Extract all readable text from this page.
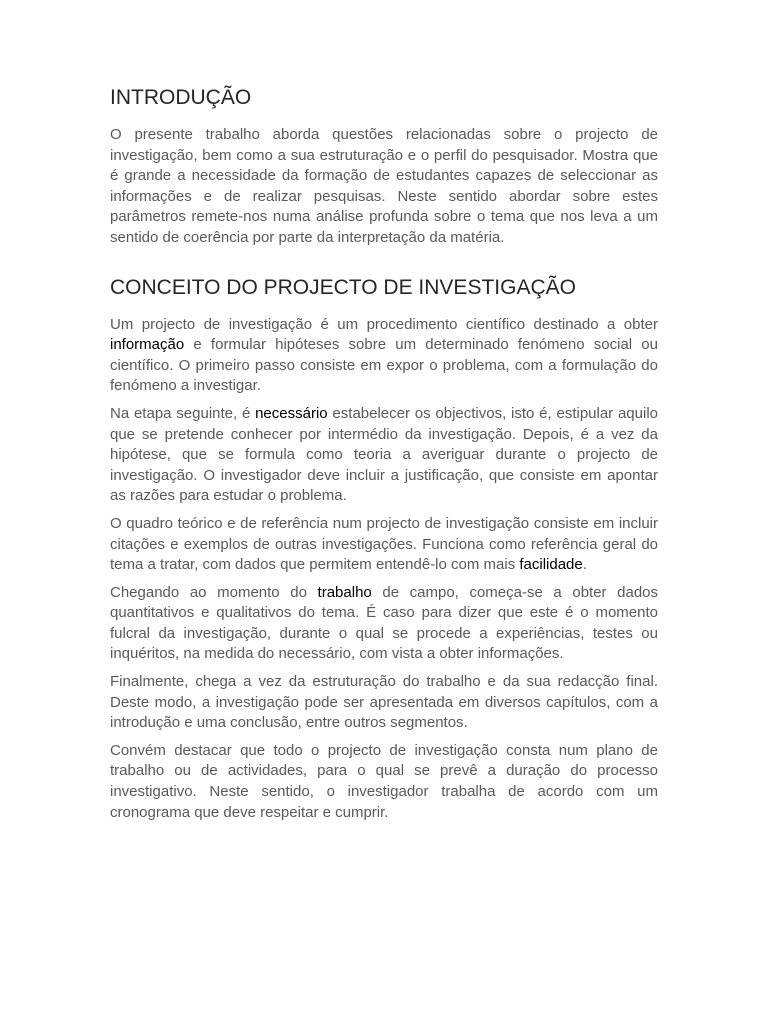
INTRODUÇÃO

O presente trabalho aborda questões relacionadas sobre o projecto de investigação, bem como a sua estruturação e o perfil do pesquisador. Mostra que é grande a necessidade da formação de estudantes capazes de seleccionar as informações e de realizar pesquisas. Neste sentido abordar sobre estes parâmetros remete-nos numa análise profunda sobre o tema que nos leva a um sentido de coerência por parte da interpretação da matéria.

CONCEITO DO PROJECTO DE INVESTIGAÇÃO

Um projecto de investigação é um procedimento científico destinado a obter informação e formular hipóteses sobre um determinado fenómeno social ou científico. O primeiro passo consiste em expor o problema, com a formulação do fenómeno a investigar.

Na etapa seguinte, é necessário estabelecer os objectivos, isto é, estipular aquilo que se pretende conhecer por intermédio da investigação. Depois, é a vez da hipótese, que se formula como teoria a averiguar durante o projecto de investigação. O investigador deve incluir a justificação, que consiste em apontar as razões para estudar o problema.

O quadro teórico e de referência num projecto de investigação consiste em incluir citações e exemplos de outras investigações. Funciona como referência geral do tema a tratar, com dados que permitem entendê-lo com mais facilidade.

Chegando ao momento do trabalho de campo, começa-se a obter dados quantitativos e qualitativos do tema. É caso para dizer que este é o momento fulcral da investigação, durante o qual se procede a experiências, testes ou inquéritos, na medida do necessário, com vista a obter informações.

Finalmente, chega a vez da estruturação do trabalho e da sua redacção final. Deste modo, a investigação pode ser apresentada em diversos capítulos, com a introdução e uma conclusão, entre outros segmentos.

Convém destacar que todo o projecto de investigação consta num plano de trabalho ou de actividades, para o qual se prevê a duração do processo investigativo. Neste sentido, o investigador trabalha de acordo com um cronograma que deve respeitar e cumprir.
